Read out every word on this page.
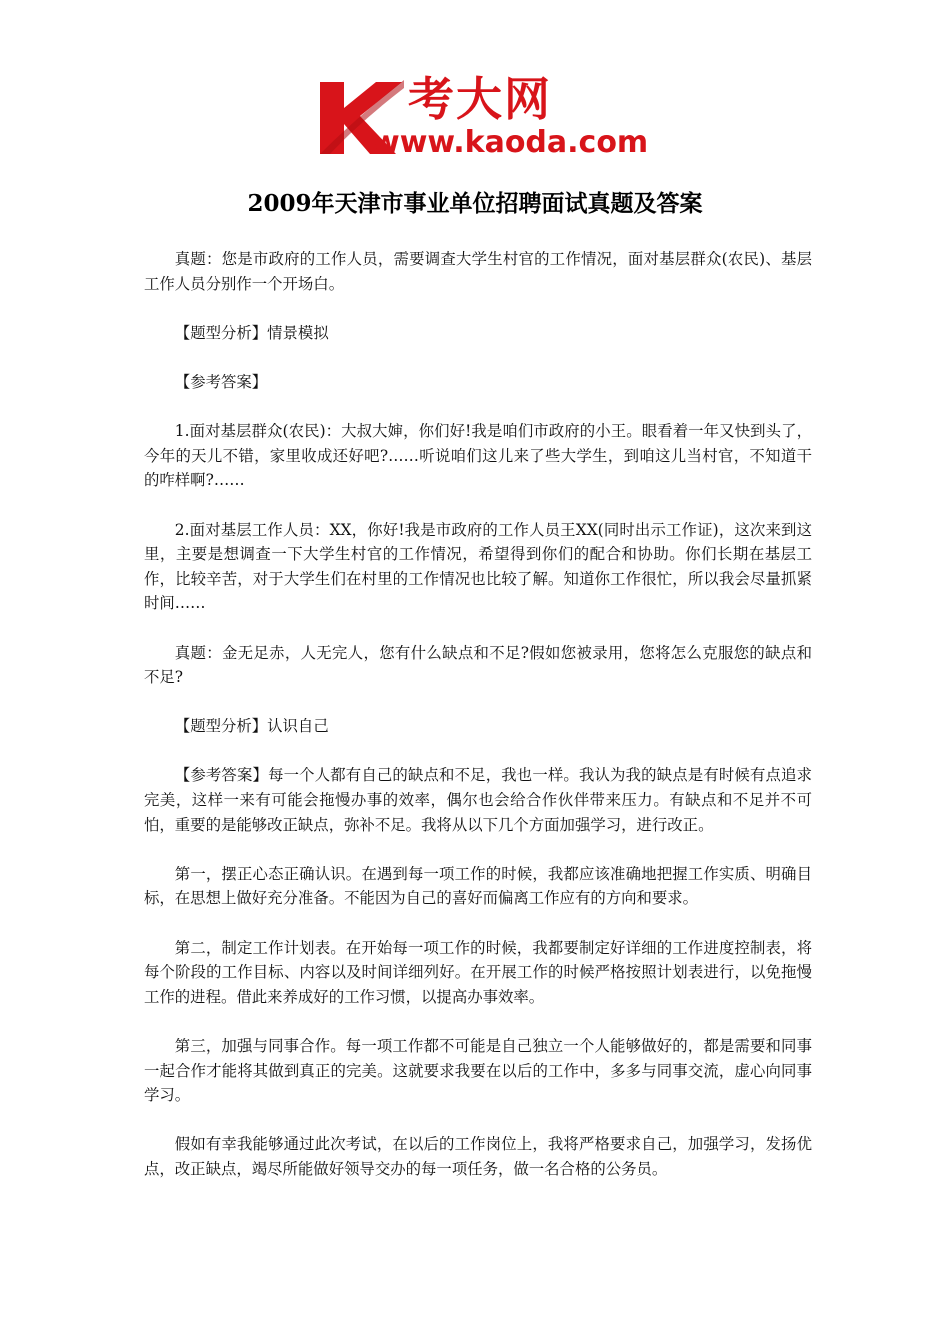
考大网
www.kaoda.com
2009年天津市事业单位招聘面试真题及答案

真题：您是市政府的工作人员，需要调查大学生村官的工作情况，面对基层群众(农民)、基层工作人员分别作一个开场白。

【题型分析】情景模拟

【参考答案】

1.面对基层群众(农民)：大叔大婶，你们好!我是咱们市政府的小王。眼看着一年又快到头了，今年的天儿不错，家里收成还好吧?……听说咱们这儿来了些大学生，到咱这儿当村官，不知道干的咋样啊?……

2.面对基层工作人员：XX，你好!我是市政府的工作人员王XX(同时出示工作证)，这次来到这里，主要是想调查一下大学生村官的工作情况，希望得到你们的配合和协助。你们长期在基层工作，比较辛苦，对于大学生们在村里的工作情况也比较了解。知道你工作很忙，所以我会尽量抓紧时间……

真题：金无足赤，人无完人，您有什么缺点和不足?假如您被录用，您将怎么克服您的缺点和不足?

【题型分析】认识自己

【参考答案】每一个人都有自己的缺点和不足，我也一样。我认为我的缺点是有时候有点追求完美，这样一来有可能会拖慢办事的效率，偶尔也会给合作伙伴带来压力。有缺点和不足并不可怕，重要的是能够改正缺点，弥补不足。我将从以下几个方面加强学习，进行改正。

第一，摆正心态正确认识。在遇到每一项工作的时候，我都应该准确地把握工作实质、明确目标，在思想上做好充分准备。不能因为自己的喜好而偏离工作应有的方向和要求。

第二，制定工作计划表。在开始每一项工作的时候，我都要制定好详细的工作进度控制表，将每个阶段的工作目标、内容以及时间详细列好。在开展工作的时候严格按照计划表进行，以免拖慢工作的进程。借此来养成好的工作习惯，以提高办事效率。

第三，加强与同事合作。每一项工作都不可能是自己独立一个人能够做好的，都是需要和同事一起合作才能将其做到真正的完美。这就要求我要在以后的工作中，多多与同事交流，虚心向同事学习。

假如有幸我能够通过此次考试，在以后的工作岗位上，我将严格要求自己，加强学习，发扬优点，改正缺点，竭尽所能做好领导交办的每一项任务，做一名合格的公务员。
